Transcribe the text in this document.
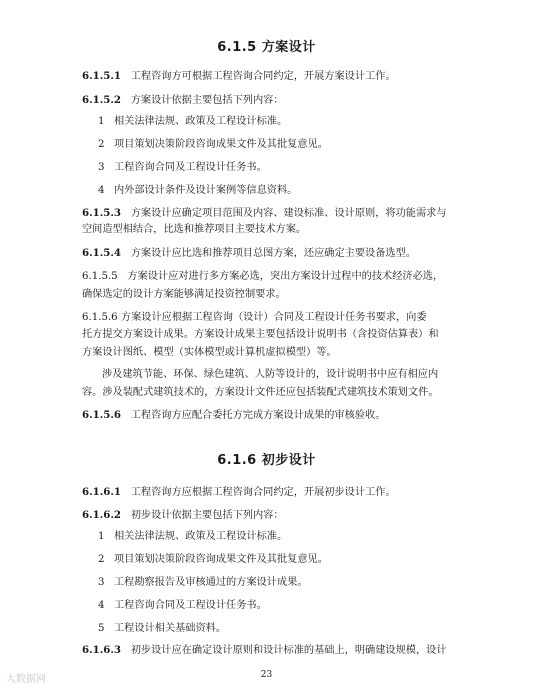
6.1.5 方案设计
6.1.5.1 工程咨询方可根据工程咨询合同约定，开展方案设计工作。
6.1.5.2 方案设计依据主要包括下列内容：
1 相关法律法规、政策及工程设计标准。
2 项目策划决策阶段咨询成果文件及其批复意见。
3 工程咨询合同及工程设计任务书。
4 内外部设计条件及设计案例等信息资料。
6.1.5.3 方案设计应确定项目范围及内容、建设标准、设计原则，将功能需求与
空间造型相结合，比选和推荐项目主要技术方案。
6.1.5.4 方案设计应比选和推荐项目总图方案，还应确定主要设备选型。
6.1.5.5 方案设计应对进行多方案必选，突出方案设计过程中的技术经济必选，
确保选定的设计方案能够满足投资控制要求。
6.1.5.6 方案设计应根据工程咨询（设计）合同及工程设计任务书要求，向委
托方提交方案设计成果。方案设计成果主要包括设计说明书（含投资估算表）和
方案设计图纸、模型（实体模型或计算机虚拟模型）等。
涉及建筑节能、环保、绿色建筑、人防等设计的，设计说明书中应有相应内
容。涉及装配式建筑技术的，方案设计文件还应包括装配式建筑技术策划文件。
6.1.5.6 工程咨询方应配合委托方完成方案设计成果的审核验收。
6.1.6 初步设计
6.1.6.1 工程咨询方应根据工程咨询合同约定，开展初步设计工作。
6.1.6.2 初步设计依据主要包括下列内容：
1 相关法律法规、政策及工程设计标准。
2 项目策划决策阶段咨询成果文件及其批复意见。
3 工程勘察报告及审核通过的方案设计成果。
4 工程咨询合同及工程设计任务书。
5 工程设计相关基础资料。
6.1.6.3 初步设计应在确定设计原则和设计标准的基础上，明确建设规模，设计
23
大数据网
